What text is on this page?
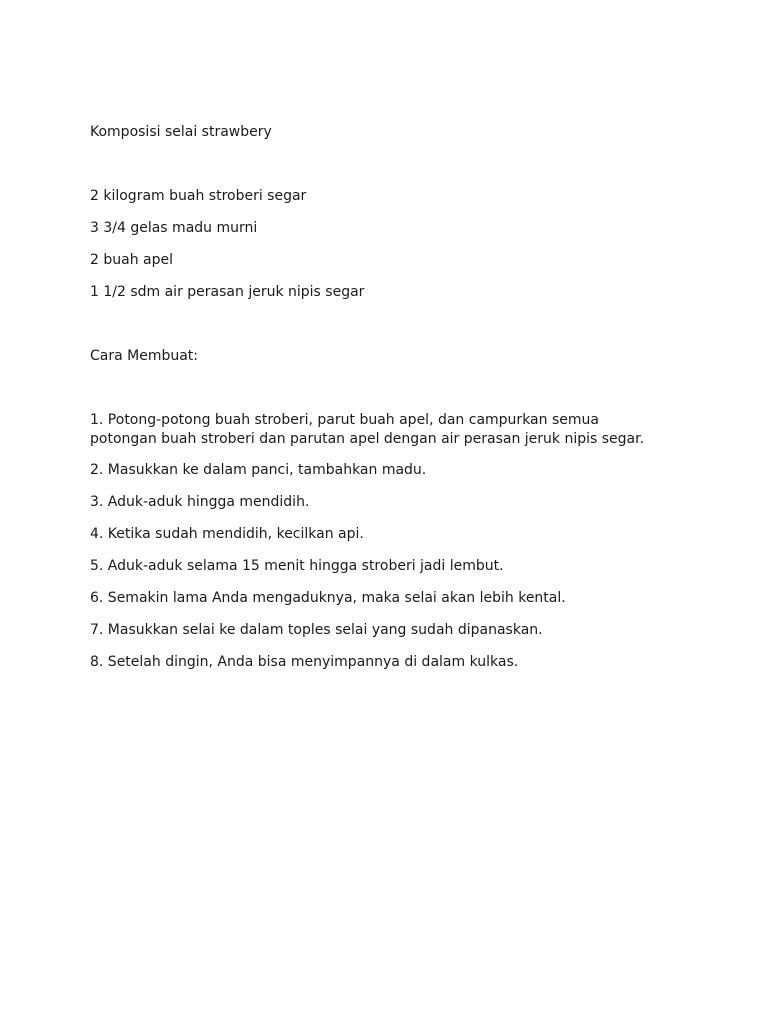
Komposisi selai strawbery

2 kilogram buah stroberi segar

3 3/4 gelas madu murni

2 buah apel

1 1/2 sdm air perasan jeruk nipis segar

Cara Membuat:

1. Potong-potong buah stroberi, parut buah apel, dan campurkan semua potongan buah stroberi dan parutan apel dengan air perasan jeruk nipis segar.

2. Masukkan ke dalam panci, tambahkan madu.

3. Aduk-aduk hingga mendidih.

4. Ketika sudah mendidih, kecilkan api.

5. Aduk-aduk selama 15 menit hingga stroberi jadi lembut.

6. Semakin lama Anda mengaduknya, maka selai akan lebih kental.

7. Masukkan selai ke dalam toples selai yang sudah dipanaskan.

8. Setelah dingin, Anda bisa menyimpannya di dalam kulkas.
